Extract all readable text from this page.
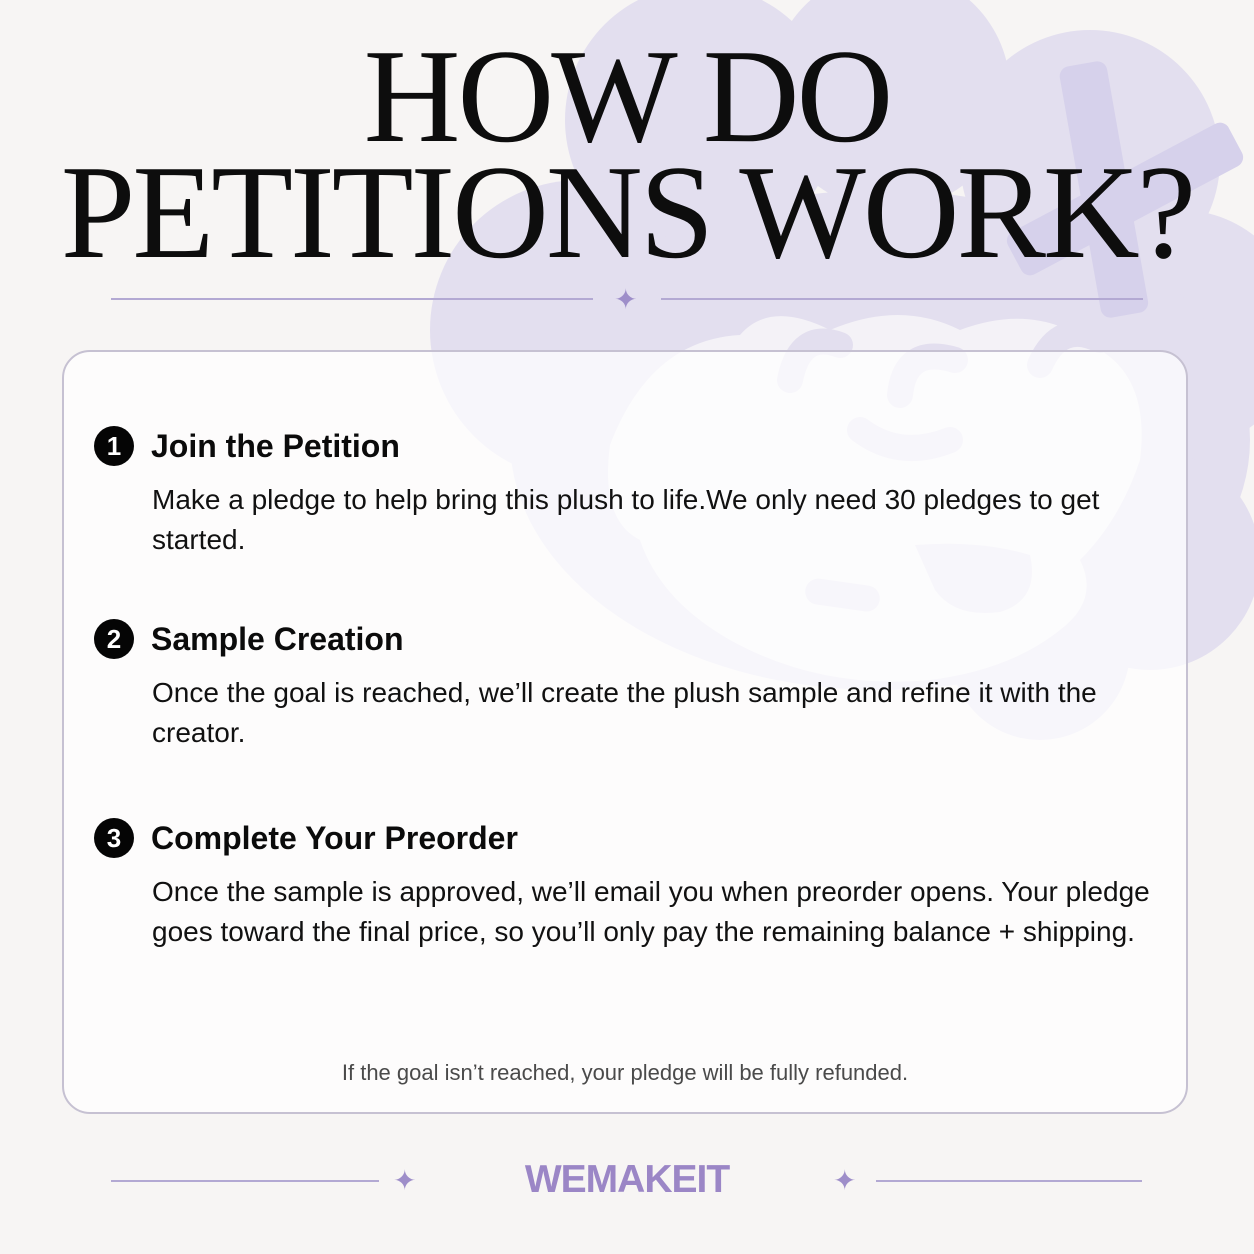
HOW DO
PETITIONS WORK?
✦
1 Join the Petition

Make a pledge to help bring this plush to life.We only need 30 pledges to get started.

2 Sample Creation

Once the goal is reached, we’ll create the plush sample and refine it with the creator.

3 Complete Your Preorder

Once the sample is approved, we’ll email you when preorder opens. Your pledge goes toward the final price, so you’ll only pay the remaining balance + shipping.

If the goal isn’t reached, your pledge will be fully refunded.
✦	WEMAKEIT	✦
